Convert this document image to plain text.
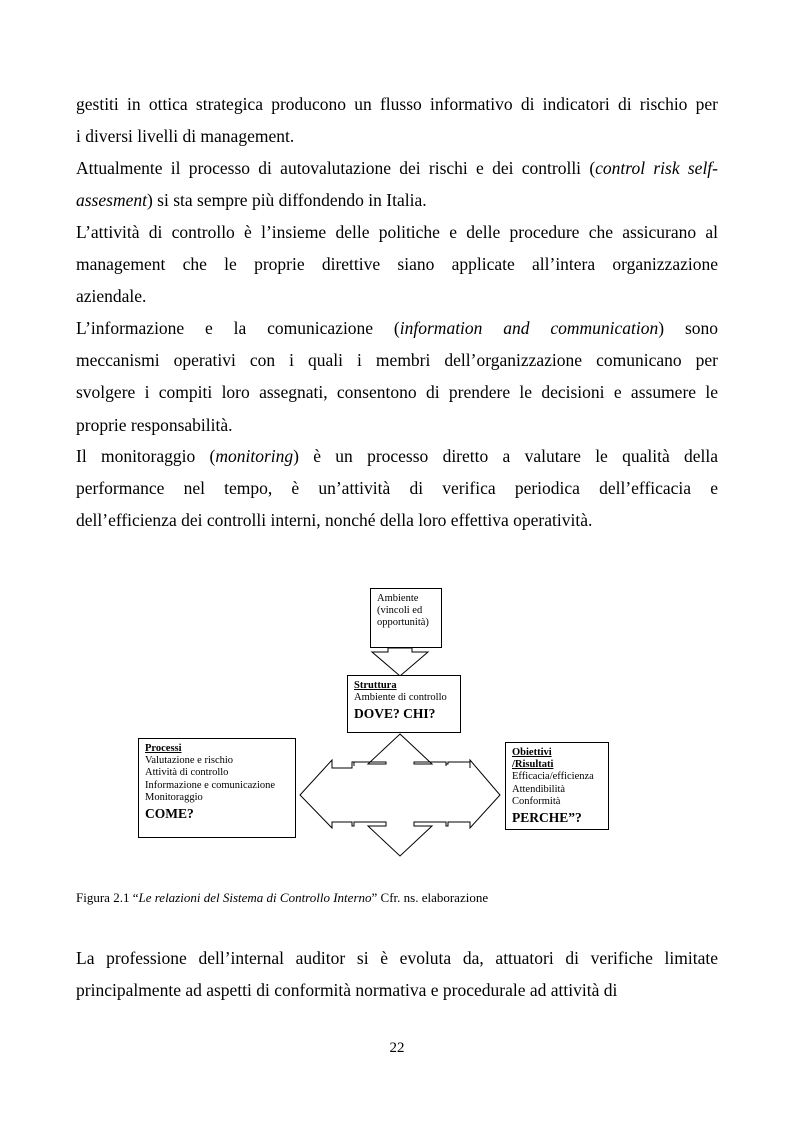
gestiti in ottica strategica producono un flusso informativo di indicatori di rischio per
i diversi livelli di management.

Attualmente il processo di autovalutazione dei rischi e dei controlli (control risk self-
assesment) si sta sempre più diffondendo in Italia.

L’attività di controllo è l’insieme delle politiche e delle procedure che assicurano al
management che le proprie direttive siano applicate all’intera organizzazione
aziendale.

L’informazione e la comunicazione (information and communication) sono
meccanismi operativi con i quali i membri dell’organizzazione comunicano per
svolgere i compiti loro assegnati, consentono di prendere le decisioni e assumere le
proprie responsabilità.

Il monitoraggio (monitoring) è un processo diretto a valutare le qualità della
performance nel tempo, è un’attività di verifica periodica dell’efficacia e
dell’efficienza dei controlli interni, nonché della loro effettiva operatività.

Ambiente
(vincoli ed
opportunità)
Struttura
Ambiente di controllo
DOVE? CHI?
Processi
Valutazione e rischio
Attività di controllo
Informazione e comunicazione
Monitoraggio
COME?
Obiettivi
/Risultati
Efficacia/efficienza
Attendibilità
Conformità
PERCHE”?
Figura 2.1 “Le relazioni del Sistema di Controllo Interno” Cfr. ns. elaborazione

La professione dell’internal auditor si è evoluta da, attuatori di verifiche limitate
principalmente ad aspetti di conformità normativa e procedurale ad attività di

22
